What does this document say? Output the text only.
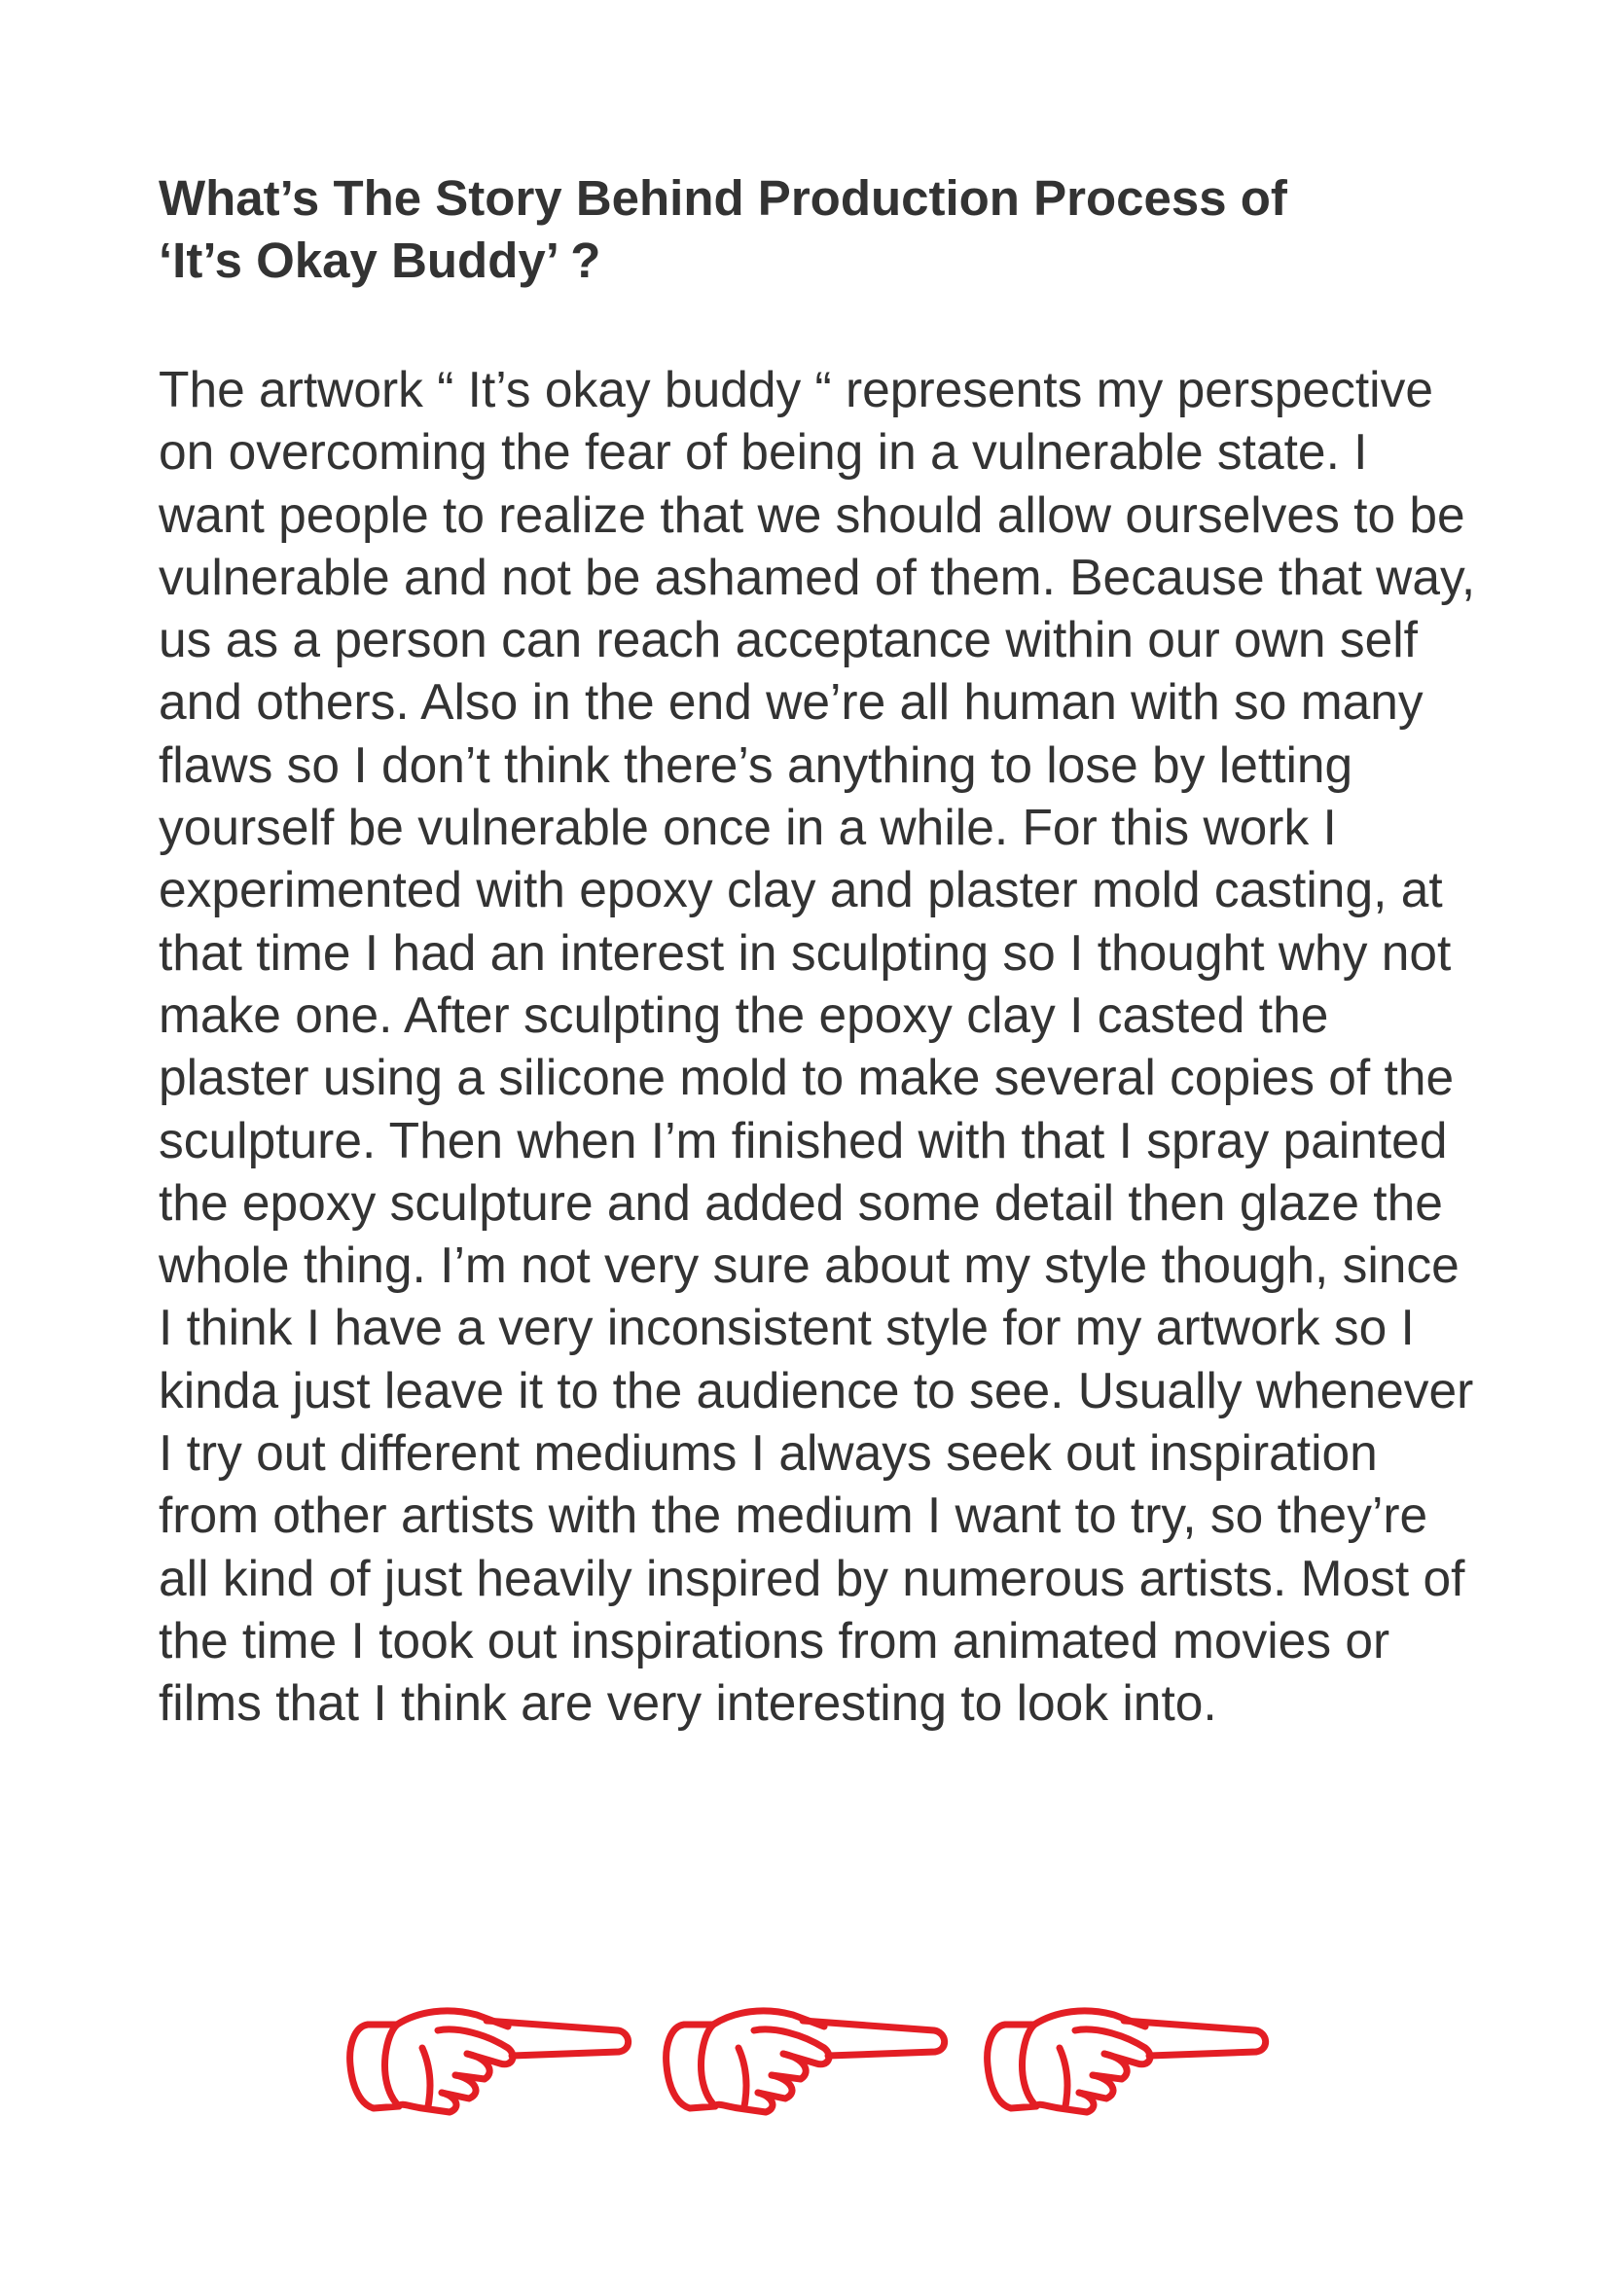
What’s The Story Behind Production Process of
‘It’s Okay Buddy’ ?

The artwork “ It’s okay buddy “ represents my perspective on overcoming the fear of being in a vulnerable state. I want people to realize that we should allow ourselves to be vulnerable and not be ashamed of them. Because that way, us as a person can reach acceptance within our own self and others. Also in the end we’re all human with so many flaws so I don’t think there’s anything to lose by letting yourself be vulnerable once in a while. For this work I experimented with epoxy clay and plaster mold casting, at that time I had an interest in sculpting so I thought why not make one. After sculpting the epoxy clay I casted the plaster using a silicone mold to make several copies of the sculpture. Then when I’m finished with that I spray painted the epoxy sculpture and added some detail then glaze the whole thing. I’m not very sure about my style though, since I think I have a very inconsistent style for my artwork so I kinda just leave it to the audience to see. Usually whenever I try out different mediums I always seek out inspiration from other artists with the medium I want to try, so they’re all kind of just heavily inspired by numerous artists. Most of the time I took out inspirations from animated movies or films that I think are very interesting to look into.
